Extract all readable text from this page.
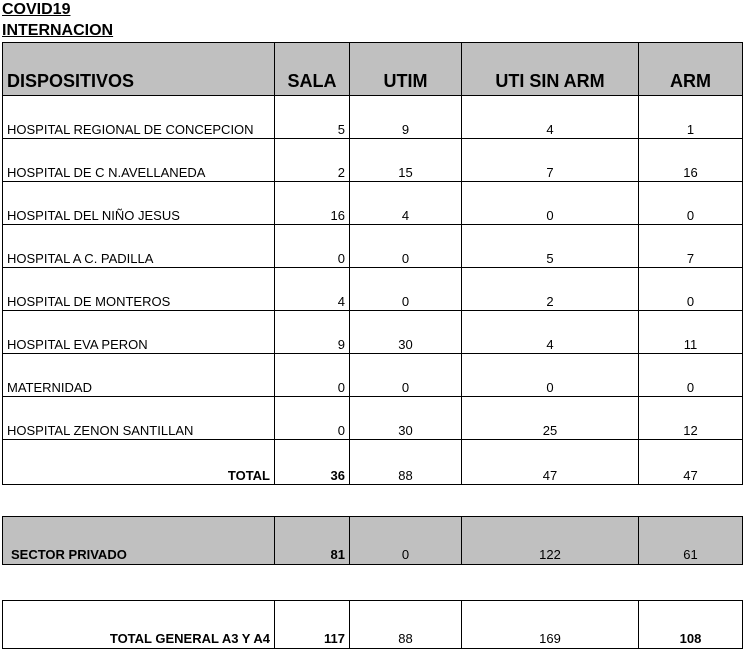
COVID19
INTERNACION
DISPOSITIVOS	SALA	UTIM	UTI SIN ARM	ARM
HOSPITAL REGIONAL DE CONCEPCION	5	9	4	1
HOSPITAL DE C N.AVELLANEDA	2	15	7	16
HOSPITAL DEL NIÑO JESUS	16	4	0	0
HOSPITAL A C. PADILLA	0	0	5	7
HOSPITAL DE MONTEROS	4	0	2	0
HOSPITAL EVA PERON	9	30	4	11
MATERNIDAD	0	0	0	0
HOSPITAL ZENON SANTILLAN	0	30	25	12
TOTAL	36	88	47	47
SECTOR PRIVADO	81	0	122	61
TOTAL GENERAL A3 Y A4	117	88	169	108
